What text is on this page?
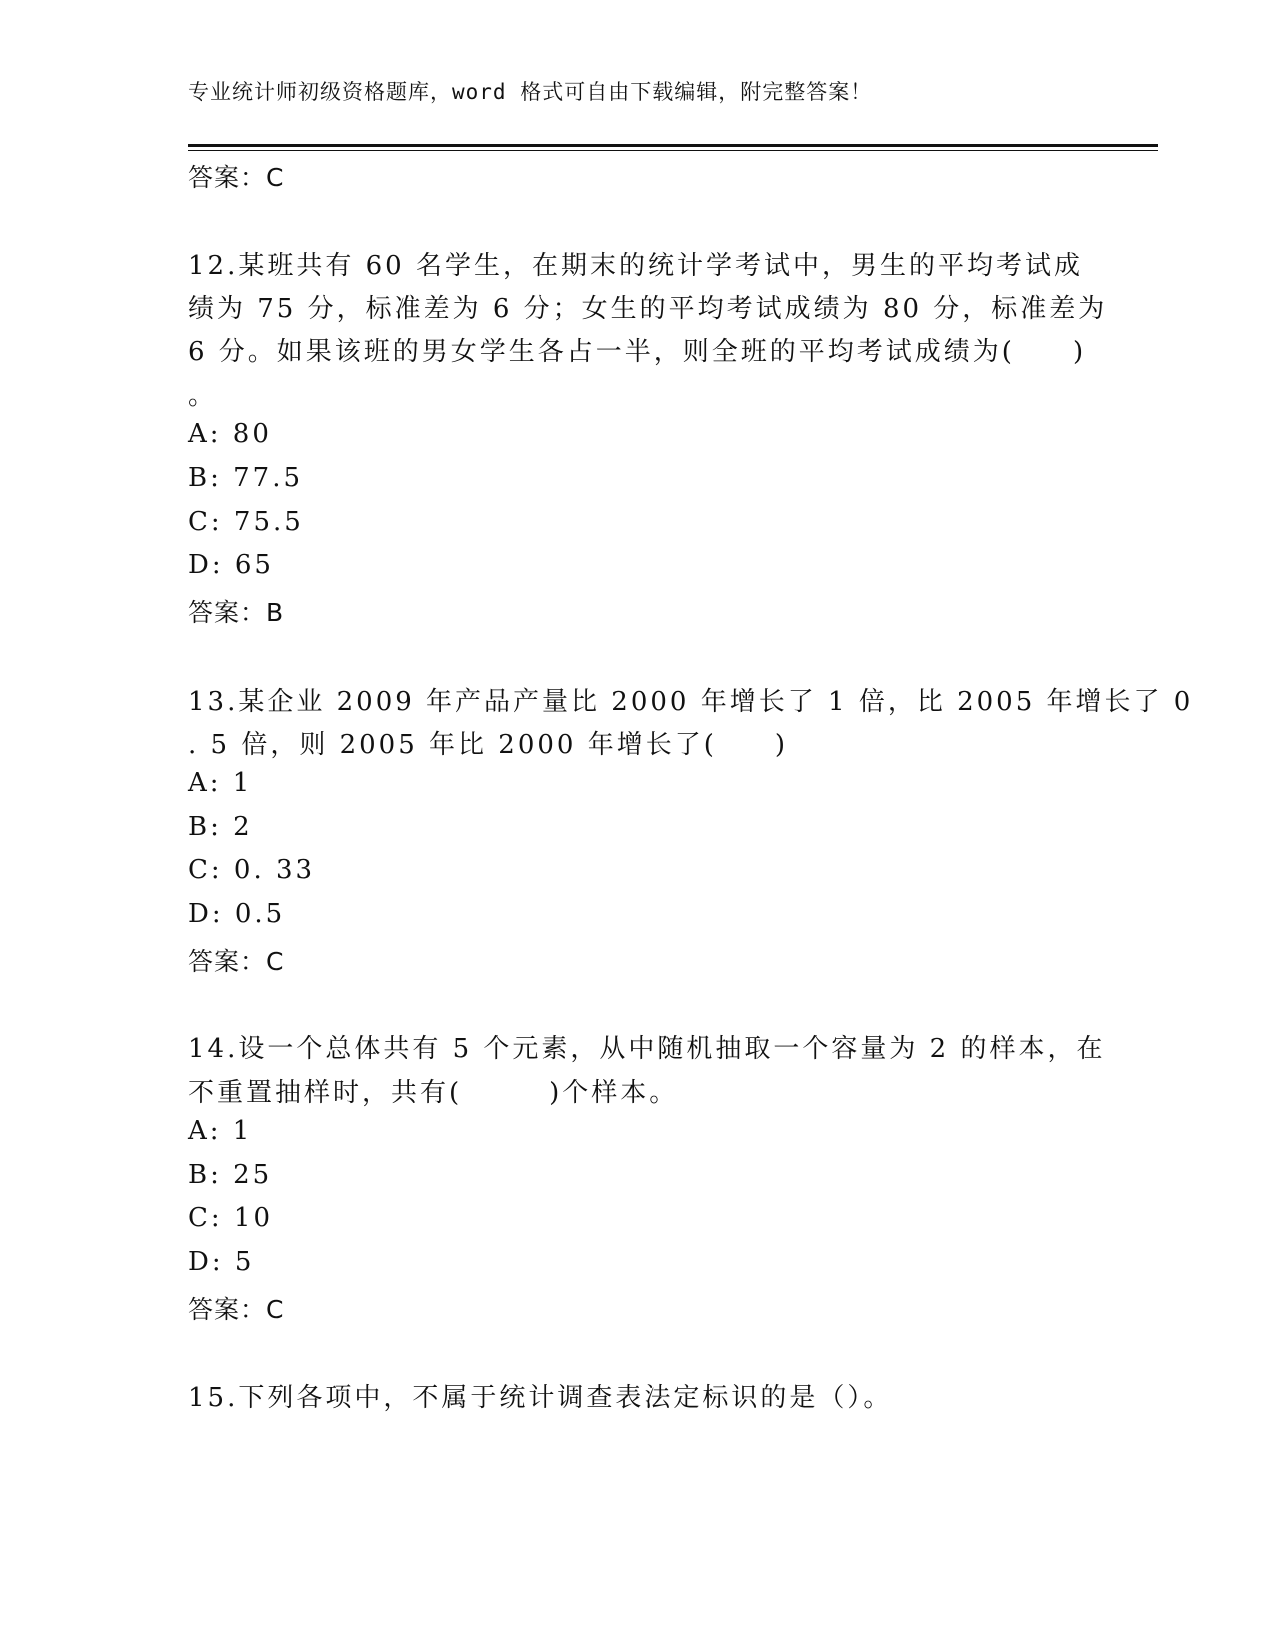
专业统计师初级资格题库，word 格式可自由下载编辑，附完整答案！
答案：C
12.某班共有 60 名学生，在期末的统计学考试中，男生的平均考试成
绩为 75 分，标准差为 6 分；女生的平均考试成绩为 80 分，标准差为
6 分。如果该班的男女学生各占一半，则全班的平均考试成绩为(　　)
。
A: 80
B: 77.5
C: 75.5
D: 65
答案：B
13.某企业 2009 年产品产量比 2000 年增长了 1 倍，比 2005 年增长了 0
. 5 倍，则 2005 年比 2000 年增长了(　　)
A: 1
B: 2
C: 0. 33
D: 0.5
答案：C
14.设一个总体共有 5 个元素，从中随机抽取一个容量为 2 的样本，在
不重置抽样时，共有(　　　)个样本。
A: 1
B: 25
C: 10
D: 5
答案：C
15.下列各项中，不属于统计调查表法定标识的是（）。
